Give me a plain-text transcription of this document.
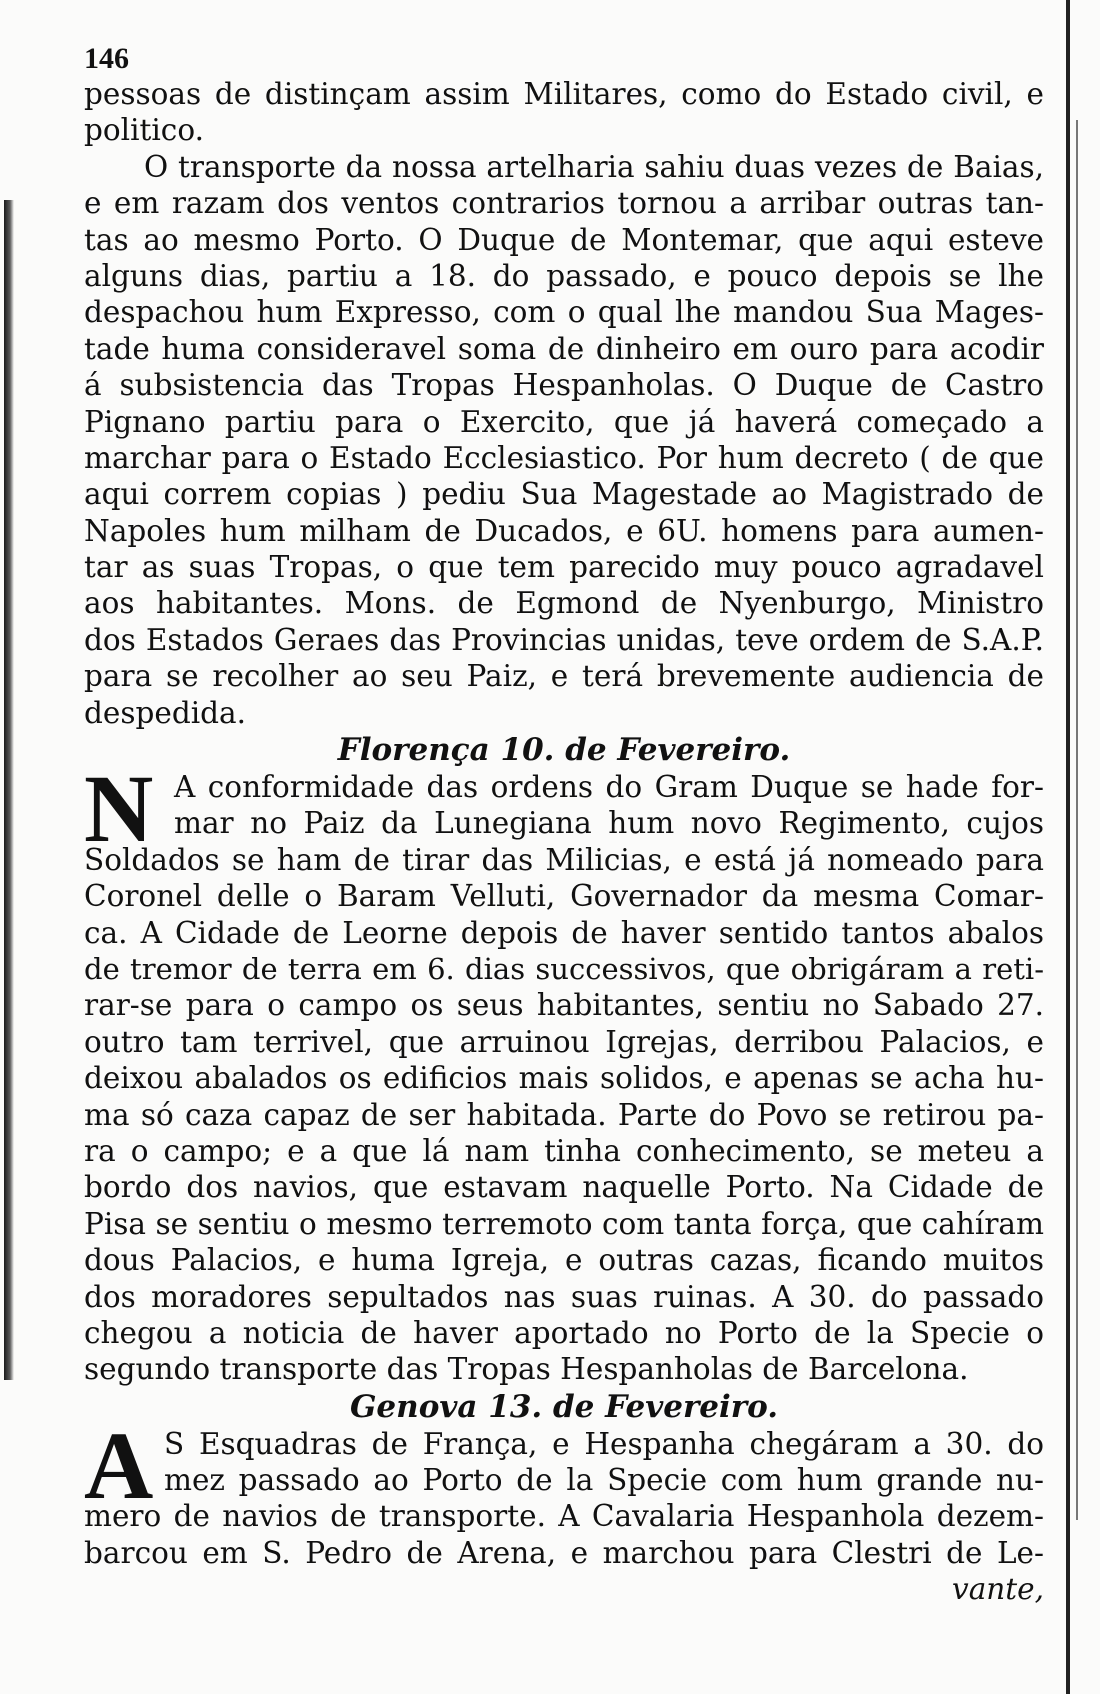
146
pessoas de distinçam assim Militares, como do Estado civil, e
politico.
O transporte da nossa artelharia sahiu duas vezes de Baias,
e em razam dos ventos contrarios tornou a arribar outras tan-
tas ao mesmo Porto. O Duque de Montemar, que aqui esteve
alguns dias, partiu a 18. do passado, e pouco depois se lhe
despachou hum Expresso, com o qual lhe mandou Sua Mages-
tade huma consideravel soma de dinheiro em ouro para acodir
á subsistencia das Tropas Hespanholas. O Duque de Castro
Pignano partiu para o Exercito, que já haverá começado a
marchar para o Estado Ecclesiastico. Por hum decreto ( de que
aqui correm copias ) pediu Sua Magestade ao Magistrado de
Napoles hum milham de Ducados, e 6U. homens para aumen-
tar as suas Tropas, o que tem parecido muy pouco agradavel
aos habitantes. Mons. de Egmond de Nyenburgo, Ministro
dos Estados Geraes das Provincias unidas, teve ordem de S.A.P.
para se recolher ao seu Paiz, e terá brevemente audiencia de
despedida.
Florença 10. de Fevereiro.
N A conformidade das ordens do Gram Duque se hade for-
mar no Paiz da Lunegiana hum novo Regimento, cujos
Soldados se ham de tirar das Milicias, e está já nomeado para
Coronel delle o Baram Velluti, Governador da mesma Comar-
ca. A Cidade de Leorne depois de haver sentido tantos abalos
de tremor de terra em 6. dias successivos, que obrigáram a reti-
rar-se para o campo os seus habitantes, sentiu no Sabado 27.
outro tam terrivel, que arruinou Igrejas, derribou Palacios, e
deixou abalados os edificios mais solidos, e apenas se acha hu-
ma só caza capaz de ser habitada. Parte do Povo se retirou pa-
ra o campo; e a que lá nam tinha conhecimento, se meteu a
bordo dos navios, que estavam naquelle Porto. Na Cidade de
Pisa se sentiu o mesmo terremoto com tanta força, que cahíram
dous Palacios, e huma Igreja, e outras cazas, ficando muitos
dos moradores sepultados nas suas ruinas. A 30. do passado
chegou a noticia de haver aportado no Porto de la Specie o
segundo transporte das Tropas Hespanholas de Barcelona.
Genova 13. de Fevereiro.
A S Esquadras de França, e Hespanha chegáram a 30. do
mez passado ao Porto de la Specie com hum grande nu-
mero de navios de transporte. A Cavalaria Hespanhola dezem-
barcou em S. Pedro de Arena, e marchou para Clestri de Le-
vante,
